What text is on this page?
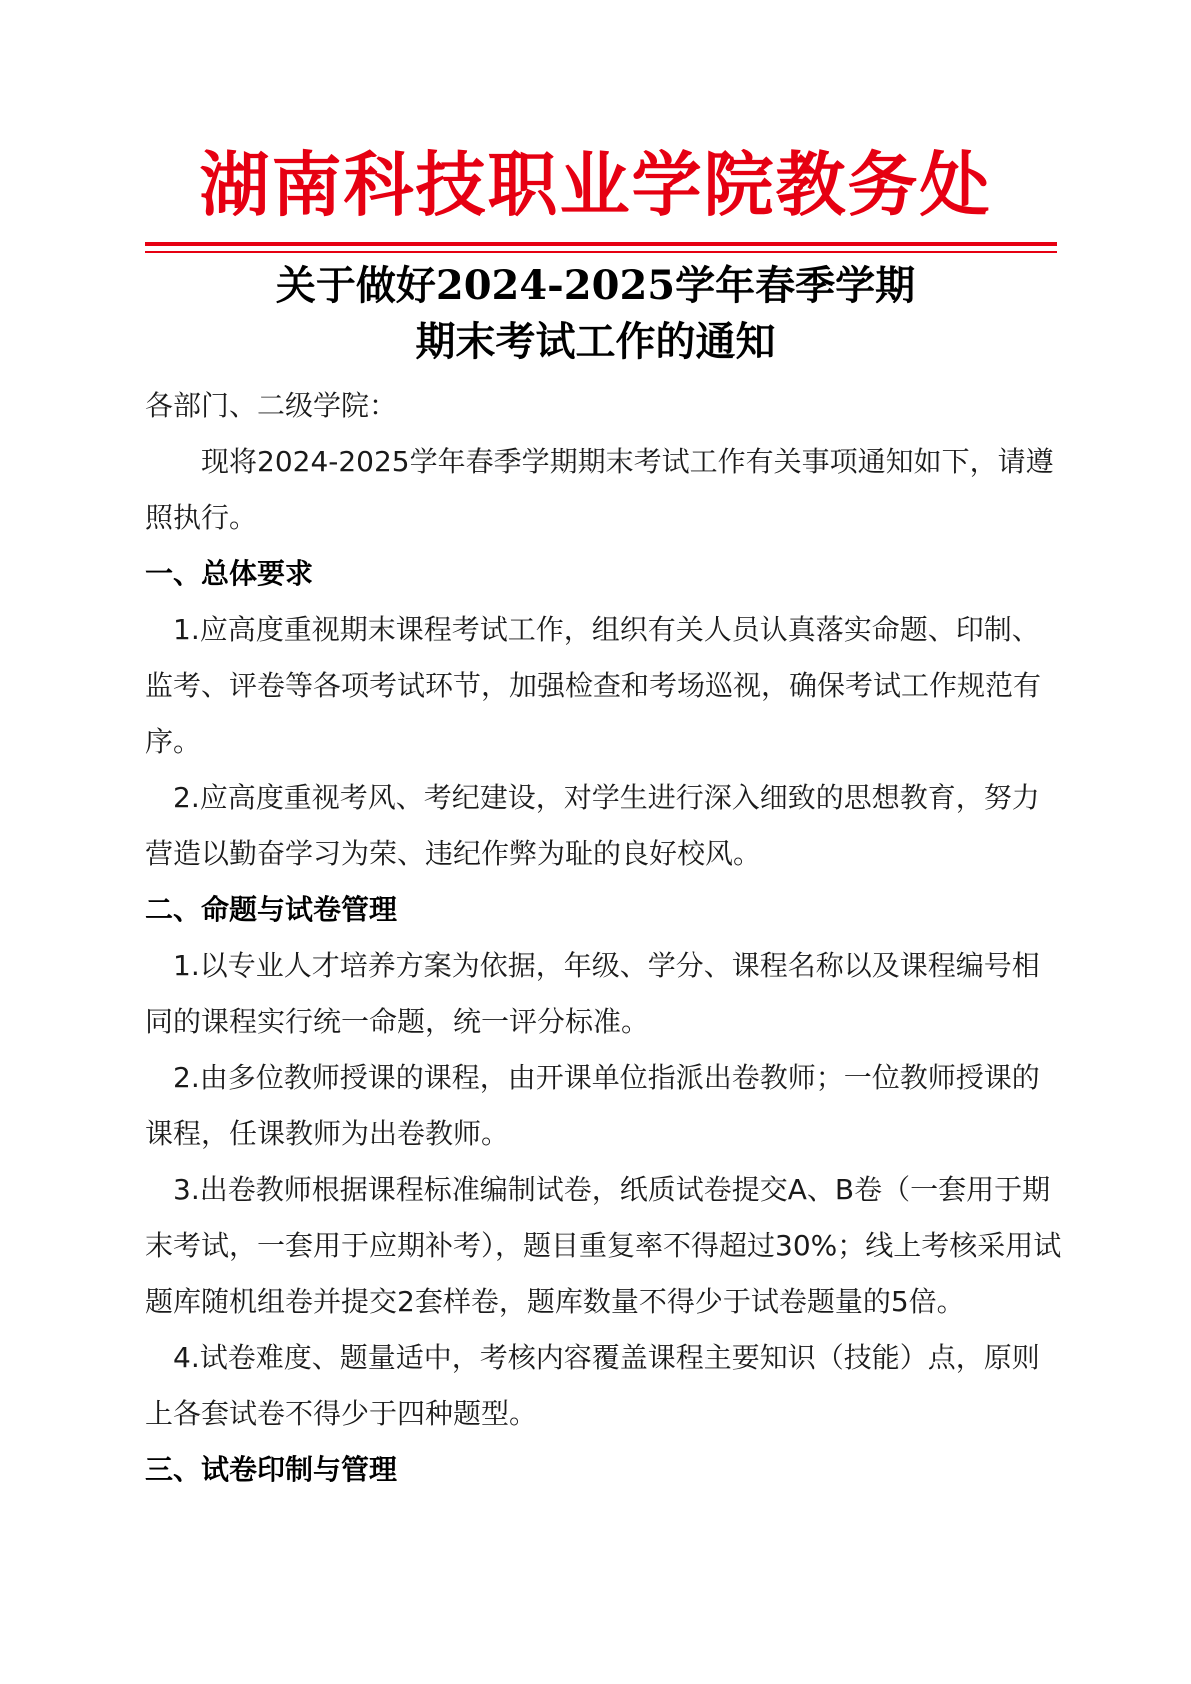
湖南科技职业学院教务处
关于做好2024-2025学年春季学期
期末考试工作的通知

各部门、二级学院：

现将2024-2025学年春季学期期末考试工作有关事项通知如下，请遵照执行。

一、总体要求

1.应高度重视期末课程考试工作，组织有关人员认真落实命题、印制、监考、评卷等各项考试环节，加强检查和考场巡视，确保考试工作规范有序。

2.应高度重视考风、考纪建设，对学生进行深入细致的思想教育，努力营造以勤奋学习为荣、违纪作弊为耻的良好校风。

二、命题与试卷管理

1.以专业人才培养方案为依据，年级、学分、课程名称以及课程编号相同的课程实行统一命题，统一评分标准。

2.由多位教师授课的课程，由开课单位指派出卷教师；一位教师授课的课程，任课教师为出卷教师。

3.出卷教师根据课程标准编制试卷，纸质试卷提交A、B卷（一套用于期末考试，一套用于应期补考），题目重复率不得超过30%；线上考核采用试题库随机组卷并提交2套样卷，题库数量不得少于试卷题量的5倍。

4.试卷难度、题量适中，考核内容覆盖课程主要知识（技能）点，原则上各套试卷不得少于四种题型。

三、试卷印制与管理
